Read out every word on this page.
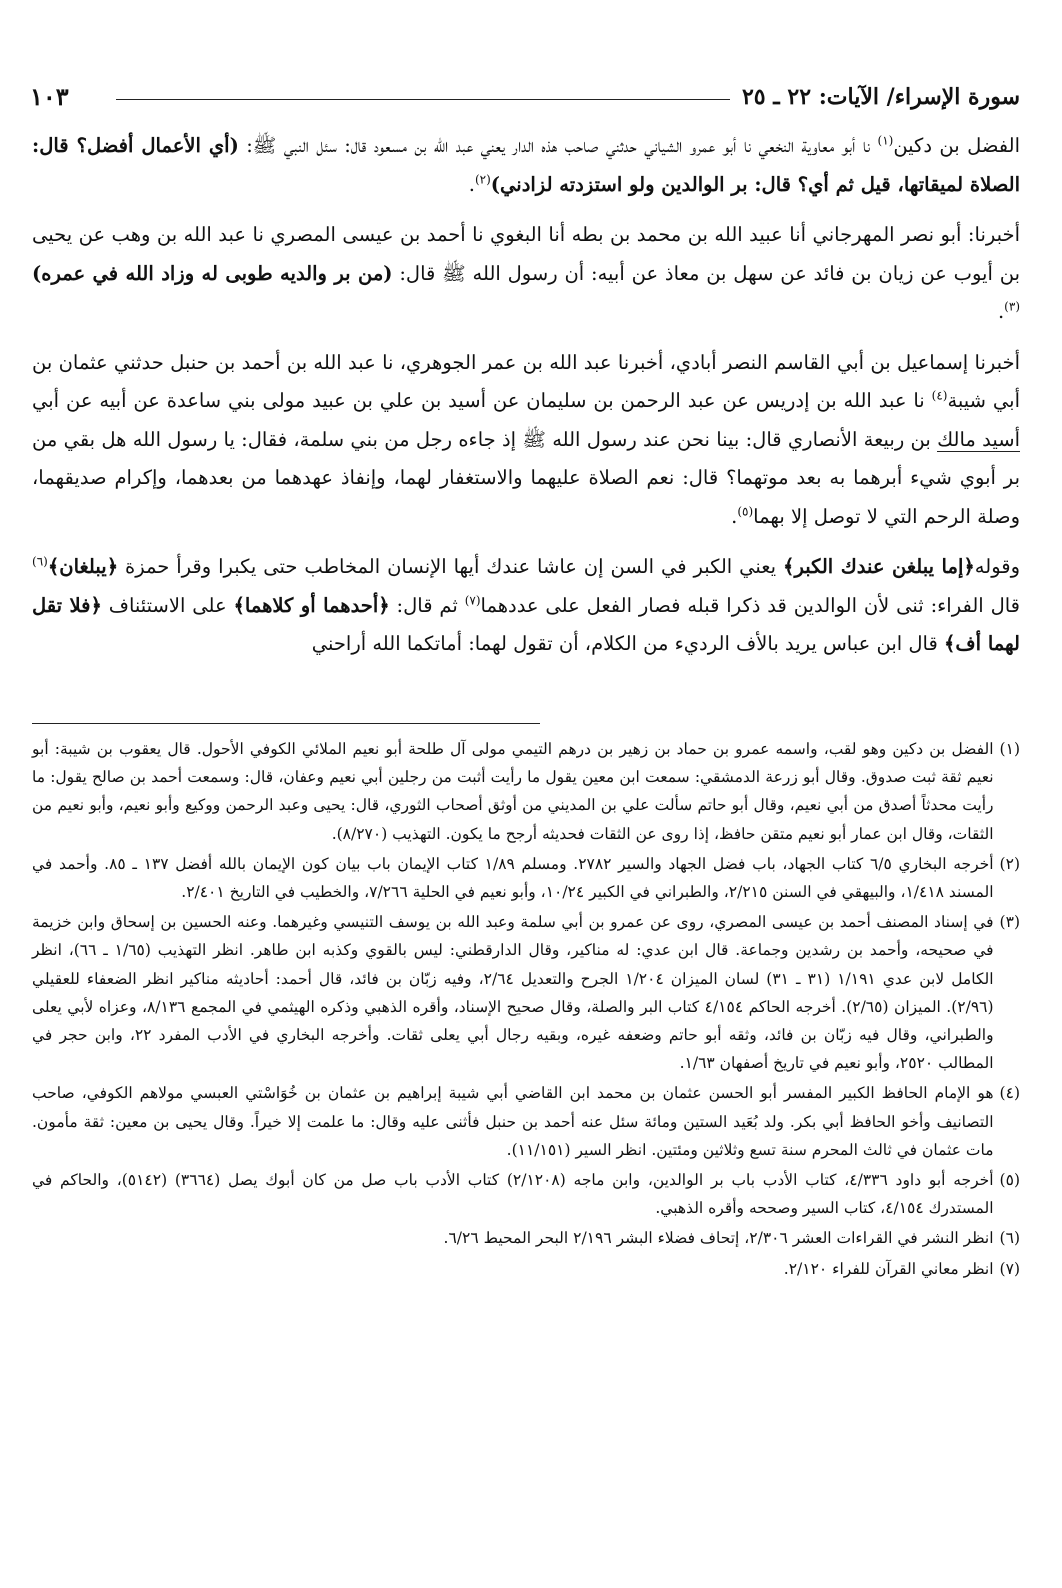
سورة الإسراء/ الآيات: ٢٢ ـ ٢٥
١٠٣

الفضل بن دكين$^{(١)}$ نا أبو معاوية النخعي نا أبو عمرو الشياني حدثني صاحب هذه الدار يعني عبد الله بن مسعود قال: سئل النبي ﷺ: (أي الأعمال أفضل؟ قال: الصلاة لميقاتها، قيل ثم أي؟ قال: بر الوالدين ولو استزدته لزادني)$^{(٢)}$.

أخبرنا: أبو نصر المهرجاني أنا عبيد الله بن محمد بن بطه أنا البغوي نا أحمد بن عيسى المصري نا عبد الله بن وهب عن يحيى بن أيوب عن زيان بن فائد عن سهل بن معاذ عن أبيه: أن رسول الله ﷺ قال: (من بر والديه طوبى له وزاد الله في عمره)$^{(٣)}$.

أخبرنا إسماعيل بن أبي القاسم النصر أبادي، أخبرنا عبد الله بن عمر الجوهري، نا عبد الله بن أحمد بن حنبل حدثني عثمان بن أبي شيبة$^{(٤)}$ نا عبد الله بن إدريس عن عبد الرحمن بن سليمان عن أسيد بن علي بن عبيد مولى بني ساعدة عن أبيه عن أبي أسيد مالك بن ربيعة الأنصاري قال: بينا نحن عند رسول الله ﷺ إذ جاءه رجل من بني سلمة، فقال: يا رسول الله هل بقي من بر أبوي شيء أبرهما به بعد موتهما؟ قال: نعم الصلاة عليهما والاستغفار لهما، وإنفاذ عهدهما من بعدهما، وإكرام صديقهما، وصلة الرحم التي لا توصل إلا بهما$^{(٥)}$.

وقوله﴿إما يبلغن عندك الكبر﴾ يعني الكبر في السن إن عاشا عندك أيها الإنسان المخاطب حتى يكبرا وقرأ حمزة ﴿يبلغان﴾$^{(٦)}$ قال الفراء: ثنى لأن الوالدين قد ذكرا قبله فصار الفعل على عددهما$^{(٧)}$ ثم قال: ﴿أحدهما أو كلاهما﴾ على الاستئناف ﴿فلا تقل لهما أف﴾ قال ابن عباس يريد بالأف الرديء من الكلام، أن تقول لهما: أماتكما الله أراحني

(١)
الفضل بن دكين وهو لقب، واسمه عمرو بن حماد بن زهير بن درهم التيمي مولى آل طلحة أبو نعيم الملائي الكوفي الأحول. قال يعقوب بن شيبة: أبو نعيم ثقة ثبت صدوق. وقال أبو زرعة الدمشقي: سمعت ابن معين يقول ما رأيت أثبت من رجلين أبي نعيم وعفان، قال: وسمعت أحمد بن صالح يقول: ما رأيت محدثاً أصدق من أبي نعيم، وقال أبو حاتم سألت علي بن المديني من أوثق أصحاب الثوري، قال: يحيى وعبد الرحمن ووكيع وأبو نعيم، وأبو نعيم من الثقات، وقال ابن عمار أبو نعيم متقن حافظ، إذا روى عن الثقات فحديثه أرجح ما يكون. التهذيب (٨/٢٧٠).
(٢)
أخرجه البخاري ٦/٥ كتاب الجهاد، باب فضل الجهاد والسير ٢٧٨٢. ومسلم ١/٨٩ كتاب الإيمان باب بيان كون الإيمان بالله أفضل ١٣٧ ـ ٨٥. وأحمد في المسند ١/٤١٨، والبيهقي في السنن ٢/٢١٥، والطبراني في الكبير ١٠/٢٤، وأبو نعيم في الحلية ٧/٢٦٦، والخطيب في التاريخ ٢/٤٠١.
(٣)
في إسناد المصنف أحمد بن عيسى المصري، روى عن عمرو بن أبي سلمة وعبد الله بن يوسف التنيسي وغيرهما. وعنه الحسين بن إسحاق وابن خزيمة في صحيحه، وأحمد بن رشدين وجماعة. قال ابن عدي: له مناكير، وقال الدارقطني: ليس بالقوي وكذبه ابن طاهر. انظر التهذيب (١/٦٥ ـ ٦٦)، انظر الكامل لابن عدي ١/١٩١ (٣١ ـ ٣١) لسان الميزان ١/٢٠٤ الجرح والتعديل ٢/٦٤، وفيه زبّان بن فائد، قال أحمد: أحاديثه مناكير انظر الضعفاء للعقيلي (٢/٩٦). الميزان (٢/٦٥). أخرجه الحاكم ٤/١٥٤ كتاب البر والصلة، وقال صحيح الإسناد، وأقره الذهبي وذكره الهيثمي في المجمع ٨/١٣٦، وعزاه لأبي يعلى والطبراني، وقال فيه زبّان بن فائد، وثقه أبو حاتم وضعفه غيره، وبقيه رجال أبي يعلى ثقات. وأخرجه البخاري في الأدب المفرد ٢٢، وابن حجر في المطالب ٢٥٢٠، وأبو نعيم في تاريخ أصفهان ١/٦٣.
(٤)
هو الإمام الحافظ الكبير المفسر أبو الحسن عثمان بن محمد ابن القاضي أبي شيبة إبراهيم بن عثمان بن خُوَاسْتي العبسي مولاهم الكوفي، صاحب التصانيف وأخو الحافظ أبي بكر. ولد بُعَيد الستين ومائة سئل عنه أحمد بن حنبل فأثنى عليه وقال: ما علمت إلا خيراً. وقال يحيى بن معين: ثقة مأمون. مات عثمان في ثالث المحرم سنة تسع وثلاثين ومئتين. انظر السير (١١/١٥١).
(٥)
أخرجه أبو داود ٤/٣٣٦، كتاب الأدب باب بر الوالدين، وابن ماجه (٢/١٢٠٨) كتاب الأدب باب صل من كان أبوك يصل (٣٦٦٤) (٥١٤٢)، والحاكم في المستدرك ٤/١٥٤، كتاب السير وصححه وأقره الذهبي.
(٦)
انظر النشر في القراءات العشر ٢/٣٠٦، إتحاف فضلاء البشر ٢/١٩٦ البحر المحيط ٦/٢٦.
(٧)
انظر معاني القرآن للفراء ٢/١٢٠.
